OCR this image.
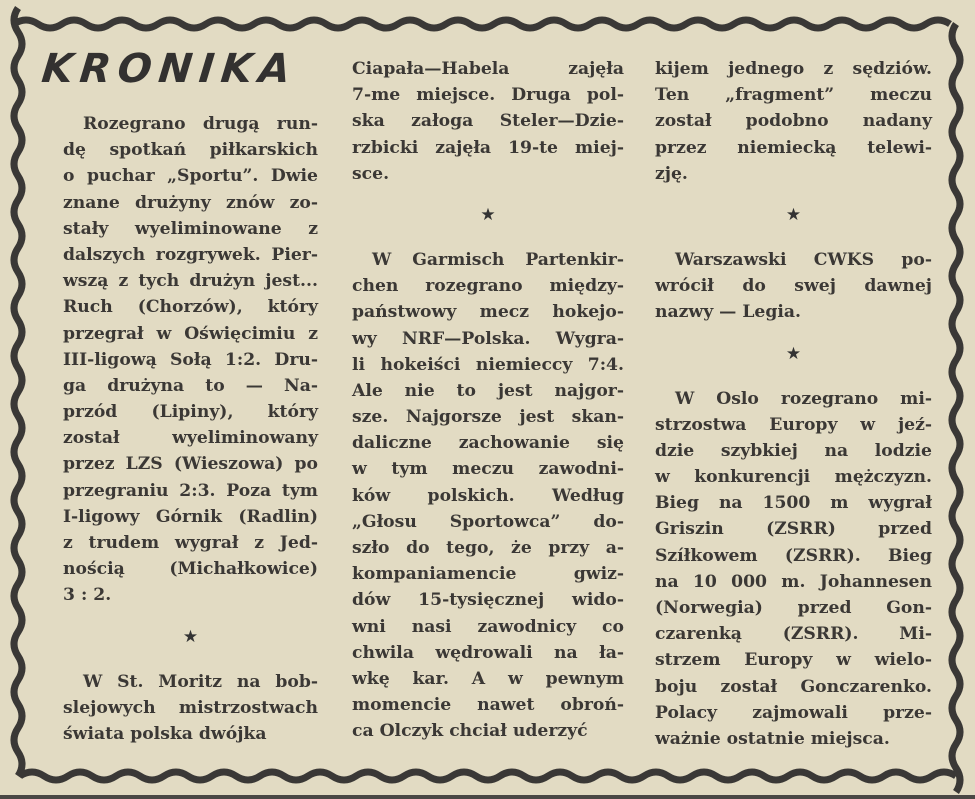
KRONIKA
Rozegrano drugą run-
dę spotkań piłkarskich
o puchar „Sportu”. Dwie
znane drużyny znów zo-
stały wyeliminowane z
dalszych rozgrywek. Pier-
wszą z tych drużyn jest...
Ruch (Chorzów), który
przegrał w Oświęcimiu z
III-ligową Sołą 1:2. Dru-
ga drużyna to — Na-
przód (Lipiny), który
został wyeliminowany
przez LZS (Wieszowa) po
przegraniu 2:3. Poza tym
I-ligowy Górnik (Radlin)
z trudem wygrał z Jed-
nością (Michałkowice)
3 : 2.
★
W St. Moritz na bob-
slejowych mistrzostwach
świata polska dwójka
Ciapała—Habela zajęła
7-me miejsce. Druga pol-
ska załoga Steler—Dzie-
rzbicki zajęła 19-te miej-
sce.
★
W Garmisch Partenkir-
chen rozegrano między-
państwowy mecz hokejo-
wy NRF—Polska. Wygra-
li hokeiści niemieccy 7:4.
Ale nie to jest najgor-
sze. Najgorsze jest skan-
daliczne zachowanie się
w tym meczu zawodni-
ków polskich. Według
„Głosu Sportowca” do-
szło do tego, że przy a-
kompaniamencie gwiz-
dów 15-tysięcznej wido-
wni nasi zawodnicy co
chwila wędrowali na ła-
wkę kar. A w pewnym
momencie nawet obroń-
ca Olczyk chciał uderzyć
kijem jednego z sędziów.
Ten „fragment” meczu
został podobno nadany
przez niemiecką telewi-
zję.
★
Warszawski CWKS po-
wrócił do swej dawnej
nazwy — Legia.
★
W Oslo rozegrano mi-
strzostwa Europy w jeź-
dzie szybkiej na lodzie
w konkurencji mężczyzn.
Bieg na 1500 m wygrał
Griszin (ZSRR) przed
Szíłkowem (ZSRR). Bieg
na 10 000 m. Johannesen
(Norwegia) przed Gon-
czarenką (ZSRR). Mi-
strzem Europy w wielo-
boju został Gonczarenko.
Polacy zajmowali prze-
ważnie ostatnie miejsca.
